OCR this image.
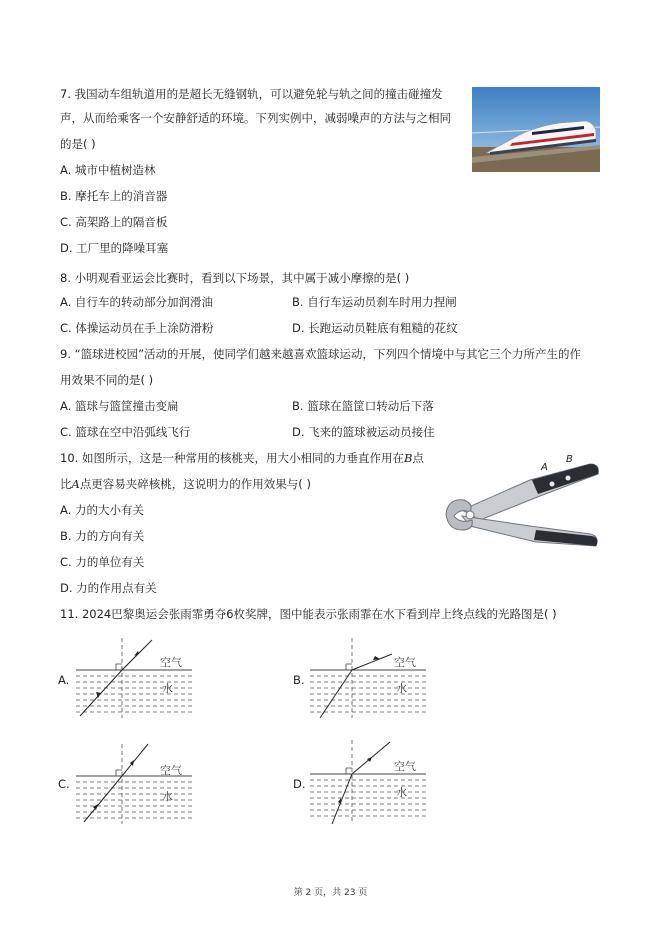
7. 我国动车组轨道用的是超长无缝钢轨，可以避免轮与轨之间的撞击碰撞发
声，从而给乘客一个安静舒适的环境。下列实例中，减弱噪声的方法与之相同
的是( )
A. 城市中植树造林
B. 摩托车上的消音器
C. 高架路上的隔音板
D. 工厂里的降噪耳塞
8. 小明观看亚运会比赛时，看到以下场景，其中属于减小摩擦的是( )
A. 自行车的转动部分加润滑油	B. 自行车运动员刹车时用力捏闸
C. 体操运动员在手上涂防滑粉	D. 长跑运动员鞋底有粗糙的花纹
9. “篮球进校园”活动的开展，使同学们越来越喜欢篮球运动，下列四个情境中与其它三个力所产生的作
用效果不同的是( )
A. 篮球与篮筐撞击变扁	B. 篮球在篮筐口转动后下落
C. 篮球在空中沿弧线飞行	D. 飞来的篮球被运动员接住
10. 如图所示，这是一种常用的核桃夹，用大小相同的力垂直作用在B点
比A点更容易夹碎核桃，这说明力的作用效果与( )
A. 力的大小有关
B. 力的方向有关
C. 力的单位有关
D. 力的作用点有关
A
B
11. 2024巴黎奥运会张雨霏勇夺6枚奖牌，图中能表示张雨霏在水下看到岸上终点线的光路图是( )
A.
空气
水
B.
空气
水
C.
空气
水
D.
空气
水
第 2 页，共 23 页
